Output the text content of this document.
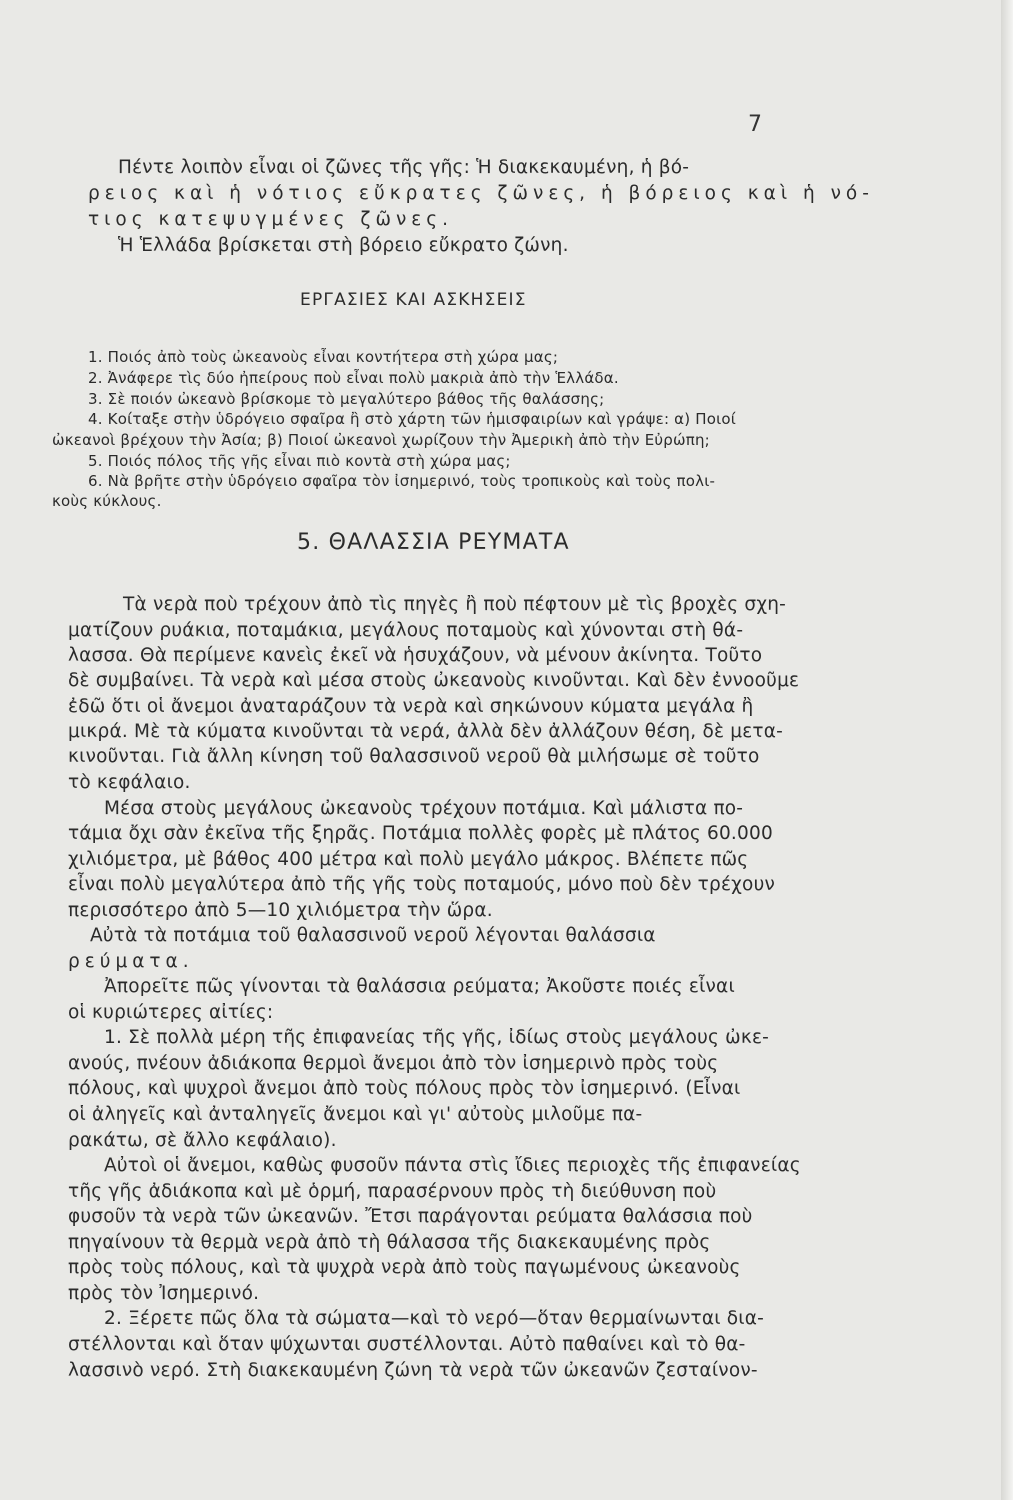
7
Πέντε λοιπὸν εἶναι οἱ ζῶνες τῆς γῆς: Ἡ διακεκαυμένη, ἡ βό-
ρειος καὶ ἡ νότιος εὔκρατες ζῶνες, ἡ βόρειος καὶ ἡ νό-
τιος κατεψυγμένες ζῶνες.
Ἡ Ἑλλάδα βρίσκεται στὴ βόρειο εὔκρατο ζώνη.
ΕΡΓΑΣΙΕΣ ΚΑΙ ΑΣΚΗΣΕΙΣ
1. Ποιός ἀπὸ τοὺς ὠκεανοὺς εἶναι κοντήτερα στὴ χώρα μας;
2. Ἀνάφερε τὶς δύο ἠπείρους ποὺ εἶναι πολὺ μακριὰ ἀπὸ τὴν Ἑλλάδα.
3. Σὲ ποιόν ὠκεανὸ βρίσκομε τὸ μεγαλύτερο βάθος τῆς θαλάσσης;
4. Κοίταξε στὴν ὑδρόγειο σφαῖρα ἢ στὸ χάρτη τῶν ἡμισφαιρίων καὶ γράψε: α) Ποιοί
ὠκεανοὶ βρέχουν τὴν Ἀσία; β) Ποιοί ὠκεανοὶ χωρίζουν τὴν Ἀμερικὴ ἀπὸ τὴν Εὐρώπη;
5. Ποιός πόλος τῆς γῆς εἶναι πιὸ κοντὰ στὴ χώρα μας;
6. Νὰ βρῆτε στὴν ὑδρόγειο σφαῖρα τὸν ἰσημερινό, τοὺς τροπικοὺς καὶ τοὺς πολι-
κοὺς κύκλους.
5. ΘΑΛΑΣΣΙΑ ΡΕΥΜΑΤΑ
Τὰ νερὰ ποὺ τρέχουν ἀπὸ τὶς πηγὲς ἢ ποὺ πέφτουν μὲ τὶς βροχὲς σχη-
ματίζουν ρυάκια, ποταμάκια, μεγάλους ποταμοὺς καὶ χύνονται στὴ θά-
λασσα. Θὰ περίμενε κανεὶς ἐκεῖ νὰ ἡσυχάζουν, νὰ μένουν ἀκίνητα. Τοῦτο
δὲ συμβαίνει. Τὰ νερὰ καὶ μέσα στοὺς ὠκεανοὺς κινοῦνται. Καὶ δὲν ἐννοοῦμε
ἐδῶ ὅτι οἱ ἄνεμοι ἀναταράζουν τὰ νερὰ καὶ σηκώνουν κύματα μεγάλα ἢ
μικρά. Μὲ τὰ κύματα κινοῦνται τὰ νερά, ἀλλὰ δὲν ἀλλάζουν θέση, δὲ μετα-
κινοῦνται. Γιὰ ἄλλη κίνηση τοῦ θαλασσινοῦ νεροῦ θὰ μιλήσωμε σὲ τοῦτο
τὸ κεφάλαιο.
Μέσα στοὺς μεγάλους ὠκεανοὺς τρέχουν ποτάμια. Καὶ μάλιστα πο-
τάμια ὄχι σὰν ἐκεῖνα τῆς ξηρᾶς. Ποτάμια πολλὲς φορὲς μὲ πλάτος 60.000
χιλιόμετρα, μὲ βάθος 400 μέτρα καὶ πολὺ μεγάλο μάκρος. Βλέπετε πῶς
εἶναι πολὺ μεγαλύτερα ἀπὸ τῆς γῆς τοὺς ποταμούς, μόνο ποὺ δὲν τρέχουν
περισσότερο ἀπὸ 5—10 χιλιόμετρα τὴν ὥρα.
Αὐτὰ τὰ ποτάμια τοῦ θαλασσινοῦ νεροῦ λέγονται θαλάσσια
ρεύματα.
Ἀπορεῖτε πῶς γίνονται τὰ θαλάσσια ρεύματα; Ἀκοῦστε ποιές εἶναι
οἱ κυριώτερες αἰτίες:
1. Σὲ πολλὰ μέρη τῆς ἐπιφανείας τῆς γῆς, ἰδίως στοὺς μεγάλους ὠκε-
ανούς, πνέουν ἀδιάκοπα θερμοὶ ἄνεμοι ἀπὸ τὸν ἰσημερινὸ πρὸς τοὺς
πόλους, καὶ ψυχροὶ ἄνεμοι ἀπὸ τοὺς πόλους πρὸς τὸν ἰσημερινό. (Εἶναι
οἱ ἀληγεῖς καὶ ἀνταληγεῖς ἄνεμοι καὶ γι' αὐτοὺς μιλοῦμε πα-
ρακάτω, σὲ ἄλλο κεφάλαιο).
Αὐτοὶ οἱ ἄνεμοι, καθὼς φυσοῦν πάντα στὶς ἴδιες περιοχὲς τῆς ἐπιφανείας
τῆς γῆς ἀδιάκοπα καὶ μὲ ὁρμή, παρασέρνουν πρὸς τὴ διεύθυνση ποὺ
φυσοῦν τὰ νερὰ τῶν ὠκεανῶν. Ἔτσι παράγονται ρεύματα θαλάσσια ποὺ
πηγαίνουν τὰ θερμὰ νερὰ ἀπὸ τὴ θάλασσα τῆς διακεκαυμένης πρὸς
πρὸς τοὺς πόλους, καὶ τὰ ψυχρὰ νερὰ ἀπὸ τοὺς παγωμένους ὠκεανοὺς
πρὸς τὸν Ἰσημερινό.
2. Ξέρετε πῶς ὅλα τὰ σώματα—καὶ τὸ νερό—ὅταν θερμαίνωνται δια-
στέλλονται καὶ ὅταν ψύχωνται συστέλλονται. Αὐτὸ παθαίνει καὶ τὸ θα-
λασσινὸ νερό. Στὴ διακεκαυμένη ζώνη τὰ νερὰ τῶν ὠκεανῶν ζεσταίνον-
